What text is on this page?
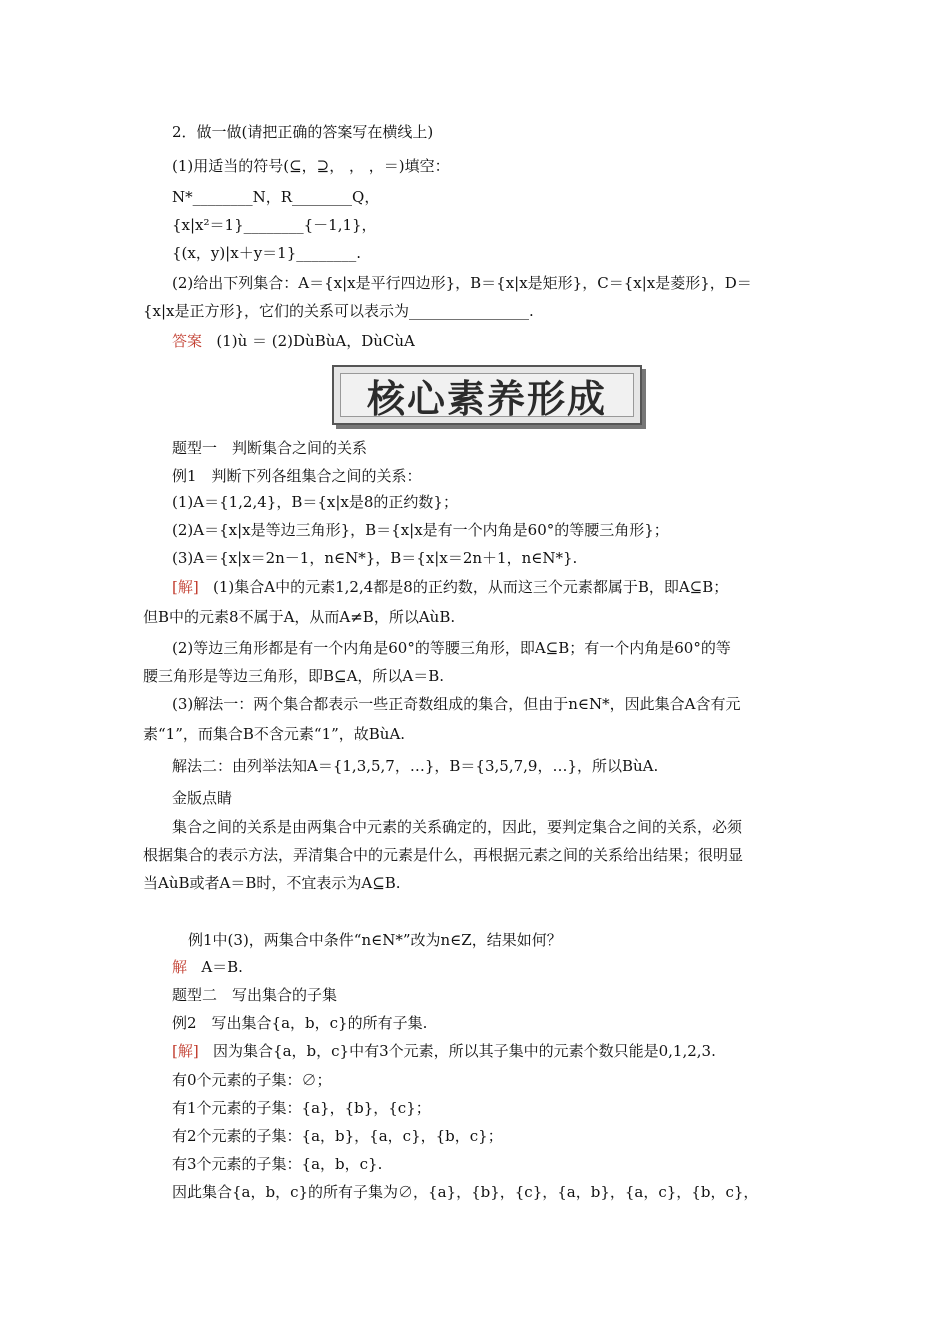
2．做一做(请把正确的答案写在横线上)
(1)用适当的符号(⊆，⊇， ， ，＝)填空：
N*________N，R________Q，
{x|x²＝1}________{－1,1}，
{(x，y)|x＋y＝1}________.
(2)给出下列集合：A＝{x|x是平行四边形}，B＝{x|x是矩形}，C＝{x|x是菱形}，D＝
{x|x是正方形}，它们的关系可以表示为________________.
答案 (1)ù ＝ (2)DùBùA，DùCùA
核心素养形成
题型一　判断集合之间的关系
例1　判断下列各组集合之间的关系：
(1)A＝{1,2,4}，B＝{x|x是8的正约数}；
(2)A＝{x|x是等边三角形}，B＝{x|x是有一个内角是60°的等腰三角形}；
(3)A＝{x|x＝2n－1，n∈N*}，B＝{x|x＝2n＋1，n∈N*}.
[解] (1)集合A中的元素1,2,4都是8的正约数，从而这三个元素都属于B，即A⊆B；
但B中的元素8不属于A，从而A≠B，所以AùB.
(2)等边三角形都是有一个内角是60°的等腰三角形，即A⊆B；有一个内角是60°的等
腰三角形是等边三角形，即B⊆A，所以A＝B.
(3)解法一：两个集合都表示一些正奇数组成的集合，但由于n∈N*，因此集合A含有元
素“1”，而集合B不含元素“1”，故BùA.
解法二：由列举法知A＝{1,3,5,7，…}，B＝{3,5,7,9，…}，所以BùA.
金版点睛
集合之间的关系是由两集合中元素的关系确定的，因此，要判定集合之间的关系，必须
根据集合的表示方法，弄清集合中的元素是什么，再根据元素之间的关系给出结果；很明显
当AùB或者A＝B时，不宜表示为A⊆B.
例1中(3)，两集合中条件“n∈N*”改为n∈Z，结果如何？
解 A＝B.
题型二　写出集合的子集
例2　写出集合{a，b，c}的所有子集.
[解] 因为集合{a，b，c}中有3个元素，所以其子集中的元素个数只能是0,1,2,3.
有0个元素的子集：∅；
有1个元素的子集：{a}，{b}，{c}；
有2个元素的子集：{a，b}，{a，c}，{b，c}；
有3个元素的子集：{a，b，c}.
因此集合{a，b，c}的所有子集为∅，{a}，{b}，{c}，{a，b}，{a，c}，{b，c}，
